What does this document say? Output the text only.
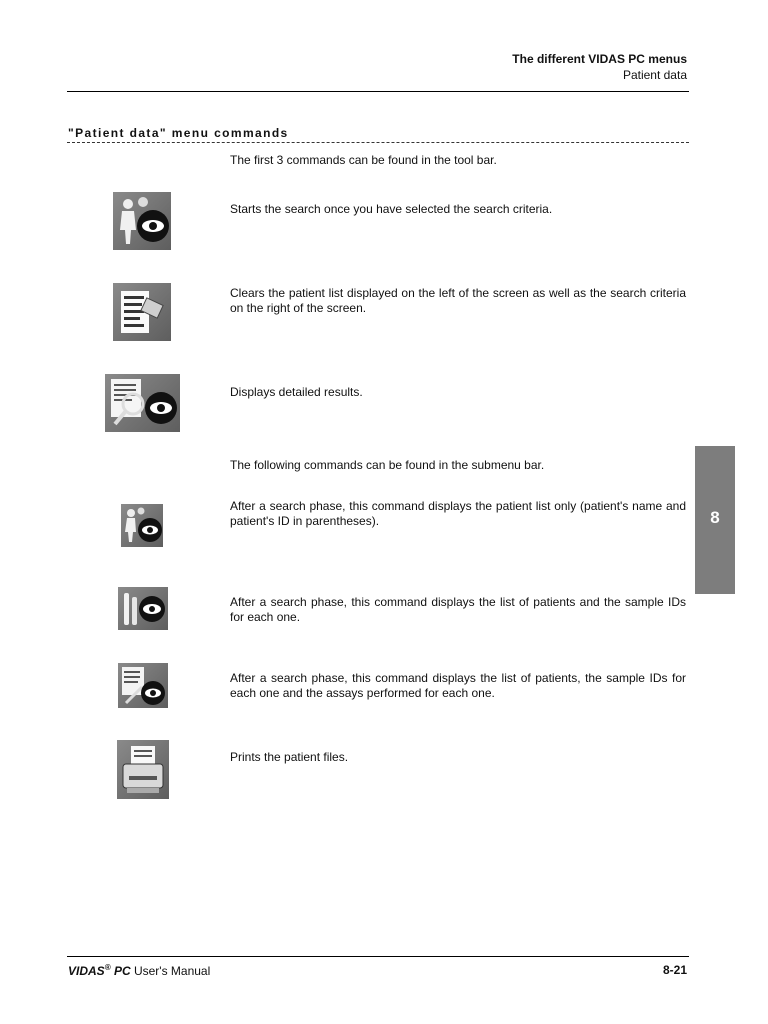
The different VIDAS PC menus
Patient data
"Patient data" menu commands
The first 3 commands can be found in the tool bar.
Starts the search once you have selected the search criteria.
Clears the patient list displayed on the left of the screen as well as the search criteria on the right of the screen.
Displays detailed results.
The following commands can be found in the submenu bar.
After a search phase, this command displays the patient list only (patient's name and patient's ID in parentheses).
After a search phase, this command displays the list of patients and the sample IDs for each one.
After a search phase, this command displays the list of patients, the sample IDs for each one and the assays performed for each one.
Prints the patient files.
8
VIDAS® PC User's Manual	8-21
